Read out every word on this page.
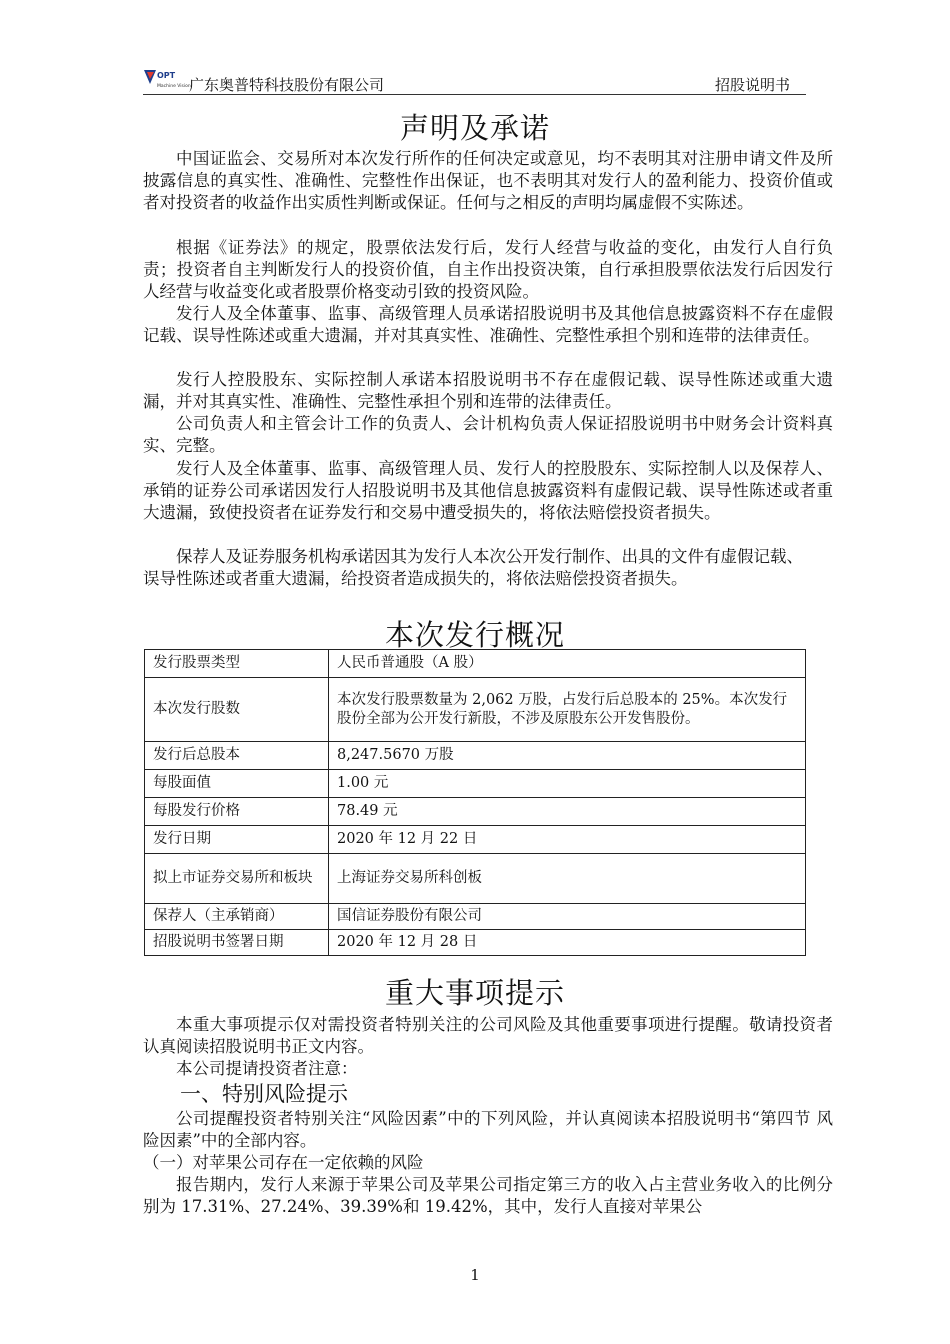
OPT
Machine Vision
广东奥普特科技股份有限公司	招股说明书
声明及承诺
中国证监会、交易所对本次发行所作的任何决定或意见，均不表明其对注册申请文件及所披露信息的真实性、准确性、完整性作出保证，也不表明其对发行人的盈利能力、投资价值或者对投资者的收益作出实质性判断或保证。任何与之相反的声明均属虚假不实陈述。
根据《证券法》的规定，股票依法发行后，发行人经营与收益的变化，由发行人自行负责；投资者自主判断发行人的投资价值，自主作出投资决策，自行承担股票依法发行后因发行人经营与收益变化或者股票价格变动引致的投资风险。
发行人及全体董事、监事、高级管理人员承诺招股说明书及其他信息披露资料不存在虚假记载、误导性陈述或重大遗漏，并对其真实性、准确性、完整性承担个别和连带的法律责任。
发行人控股股东、实际控制人承诺本招股说明书不存在虚假记载、误导性陈述或重大遗漏，并对其真实性、准确性、完整性承担个别和连带的法律责任。
公司负责人和主管会计工作的负责人、会计机构负责人保证招股说明书中财务会计资料真实、完整。
发行人及全体董事、监事、高级管理人员、发行人的控股股东、实际控制人以及保荐人、承销的证券公司承诺因发行人招股说明书及其他信息披露资料有虚假记载、误导性陈述或者重大遗漏，致使投资者在证券发行和交易中遭受损失的，将依法赔偿投资者损失。
保荐人及证券服务机构承诺因其为发行人本次公开发行制作、出具的文件有虚假记载、误导性陈述或者重大遗漏，给投资者造成损失的，将依法赔偿投资者损失。
本次发行概况
发行股票类型	人民币普通股（A 股）
本次发行股数	本次发行股票数量为 2,062 万股，占发行后总股本的 25%。本次发行股份全部为公开发行新股，不涉及原股东公开发售股份。
发行后总股本	8,247.5670 万股
每股面值	1.00 元
每股发行价格	78.49 元
发行日期	2020 年 12 月 22 日
拟上市证券交易所和板块	上海证券交易所科创板
保荐人（主承销商）	国信证券股份有限公司
招股说明书签署日期	2020 年 12 月 28 日
重大事项提示
本重大事项提示仅对需投资者特别关注的公司风险及其他重要事项进行提醒。敬请投资者认真阅读招股说明书正文内容。
本公司提请投资者注意：
一、特别风险提示
公司提醒投资者特别关注“风险因素”中的下列风险，并认真阅读本招股说明书“第四节 风险因素”中的全部内容。
（一）对苹果公司存在一定依赖的风险
报告期内，发行人来源于苹果公司及苹果公司指定第三方的收入占主营业务收入的比例分别为 17.31%、27.24%、39.39%和 19.42%，其中，发行人直接对苹果公
1
